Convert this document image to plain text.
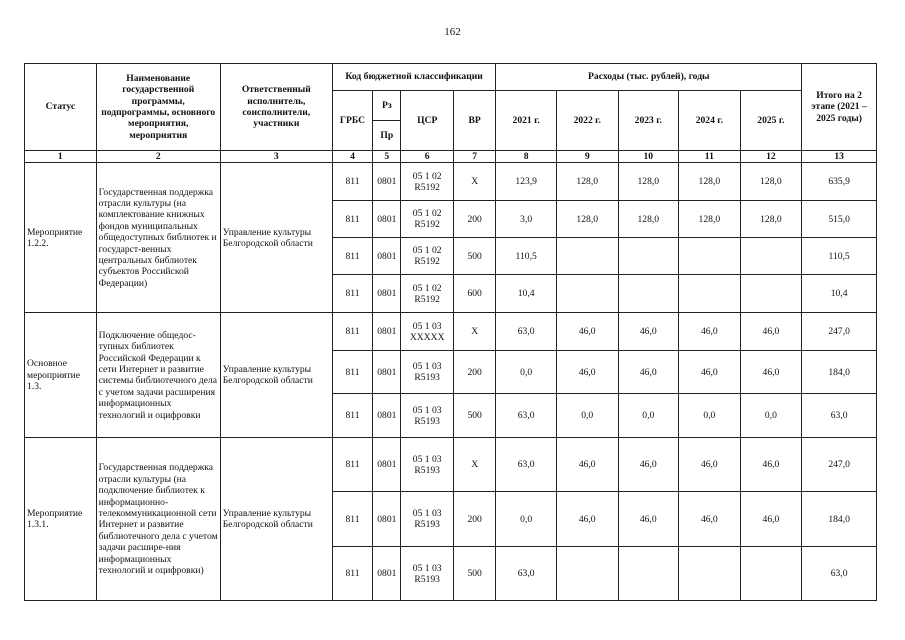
162
Статус	Наименование государственной программы, подпрограммы, основного мероприятия, мероприятия	Ответственный исполнитель, соисполнители, участники	Код бюджетной классификации				Расходы (тыс. рублей), годы					Итого на 2 этапе (2021 – 2025 годы)
			ГРБС	Рз	ЦСР	ВР	2021 г.	2022 г.	2023 г.	2024 г.	2025 г.	
				Пр								
1	2	3	4	5	6	7	8	9	10	11	12	13
Мероприятие 1.2.2.	Государственная поддержка отрасли культуры (на комплектование книжных фондов муниципальных общедоступных библиотек и государст-венных центральных библиотек субъектов Российской Федерации)	Управление культуры Белгородской области	811	0801	05 1 02 R5192	X	123,9	128,0	128,0	128,0	128,0	635,9
			811	0801	05 1 02 R5192	200	3,0	128,0	128,0	128,0	128,0	515,0
			811	0801	05 1 02 R5192	500	110,5					110,5
			811	0801	05 1 02 R5192	600	10,4					10,4
Основное мероприятие 1.3.	Подключение общедос-тупных библиотек Российской Федерации к сети Интернет и развитие системы библиотечного дела с учетом задачи расширения информационных технологий и оцифровки	Управление культуры Белгородской области	811	0801	05 1 03 XXXXX	X	63,0	46,0	46,0	46,0	46,0	247,0
			811	0801	05 1 03 R5193	200	0,0	46,0	46,0	46,0	46,0	184,0
			811	0801	05 1 03 R5193	500	63,0	0,0	0,0	0,0	0,0	63,0
Мероприятие 1.3.1.	Государственная поддержка отрасли культуры (на подключение библиотек к информационно-телекоммуникационной сети Интернет и развитие библиотечного дела с учетом задачи расшире-ния информационных технологий и оцифровки)	Управление культуры Белгородской области	811	0801	05 1 03 R5193	X	63,0	46,0	46,0	46,0	46,0	247,0
			811	0801	05 1 03 R5193	200	0,0	46,0	46,0	46,0	46,0	184,0
			811	0801	05 1 03 R5193	500	63,0					63,0
